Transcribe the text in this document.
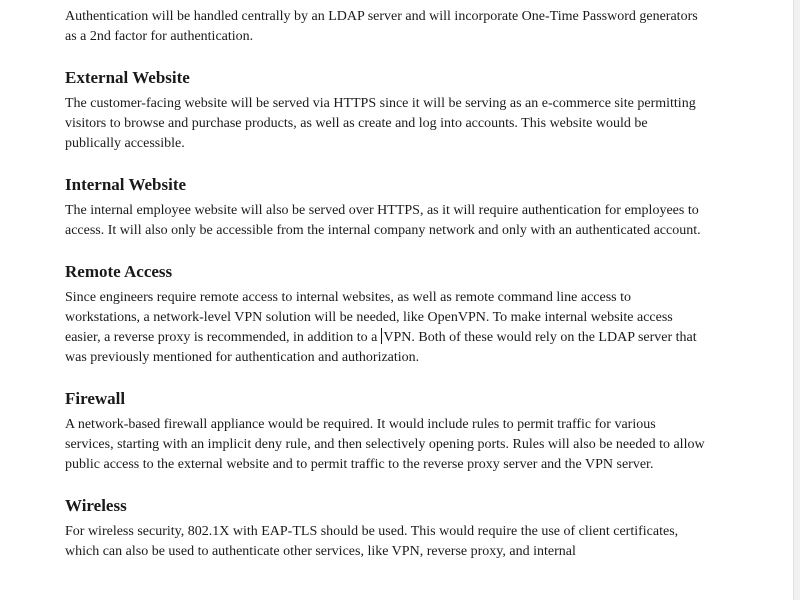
Authentication will be handled centrally by an LDAP server and will incorporate One-Time Password generators as a 2nd factor for authentication.

External Website

The customer-facing website will be served via HTTPS since it will be serving as an e-commerce site permitting visitors to browse and purchase products, as well as create and log into accounts. This website would be publically accessible.

Internal Website

The internal employee website will also be served over HTTPS, as it will require authentication for employees to access. It will also only be accessible from the internal company network and only with an authenticated account.

Remote Access

Since engineers require remote access to internal websites, as well as remote command line access to workstations, a network-level VPN solution will be needed, like OpenVPN. To make internal website access easier, a reverse proxy is recommended, in addition to a VPN. Both of these would rely on the LDAP server that was previously mentioned for authentication and authorization.

Firewall

A network-based firewall appliance would be required. It would include rules to permit traffic for various services, starting with an implicit deny rule, and then selectively opening ports. Rules will also be needed to allow public access to the external website and to permit traffic to the reverse proxy server and the VPN server.

Wireless

For wireless security, 802.1X with EAP-TLS should be used. This would require the use of client certificates, which can also be used to authenticate other services, like VPN, reverse proxy, and internal
